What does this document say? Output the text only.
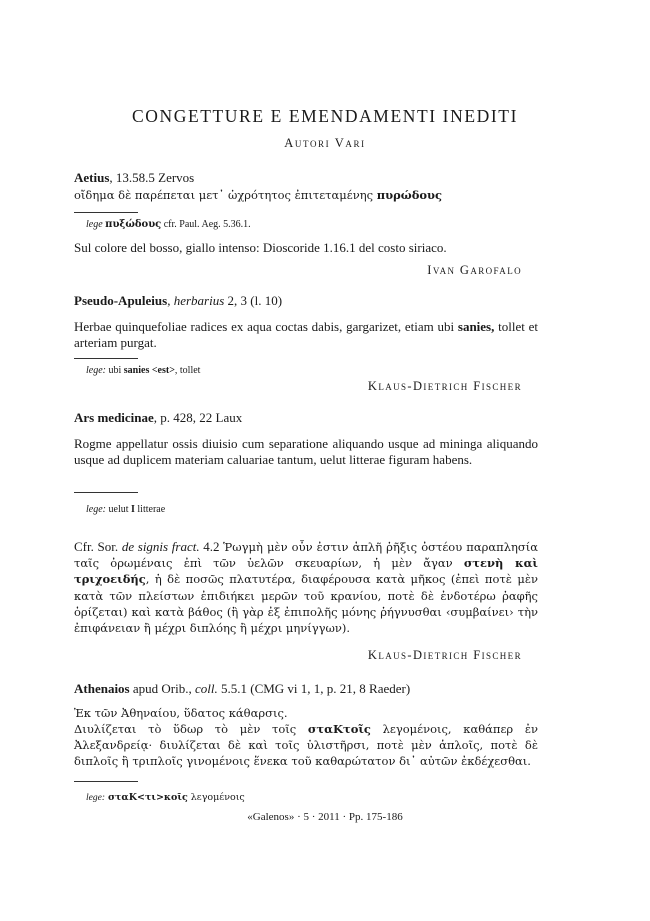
CONGETTURE E EMENDAMENTI INEDITI
Autori Vari
Aetius, 13.58.5 Zervos
οἴδημα δὲ παρέπεται μετ᾽ ὠχρότητος ἐπιτεταμένης πυρώδους
lege πυξώδους cfr. Paul. Aeg. 5.36.1.
Sul colore del bosso, giallo intenso: Dioscoride 1.16.1 del costo siriaco.
Ivan Garofalo
Pseudo-Apuleius, herbarius 2, 3 (l. 10)
Herbae quinquefoliae radices ex aqua coctas dabis, gargarizet, etiam ubi sanies, tollet et arteriam purgat.
lege: ubi sanies <est>, tollet
Klaus-Dietrich Fischer
Ars medicinae, p. 428, 22 Laux
Rogme appellatur ossis diuisio cum separatione aliquando usque ad mininga aliquando usque ad duplicem materiam caluariae tantum, uelut litterae figuram habens.
lege: uelut I litterae
Cfr. Sor. de signis fract. 4.2 Ῥωγμὴ μὲν οὖν ἐστιν ἁπλῆ ῥῆξις ὀστέου παραπλησία ταῖς ὀρωμέναις ἐπὶ τῶν ὑελῶν σκευαρίων, ἡ μὲν ἄγαν στενὴ καὶ τριχοειδής, ἡ δὲ ποσῶς πλατυτέρα, διαφέρουσα κατὰ μῆκος (ἐπεὶ ποτὲ μὲν κατὰ τῶν πλείστων ἐπιδιήκει μερῶν τοῦ κρανίου, ποτὲ δὲ ἐνδοτέρω ῥαφῆς ὁρίζεται) καὶ κατὰ βάθος (ἢ γὰρ ἐξ ἐπιπολῆς μόνης ῥήγνυσθαι ‹συμβαίνει› τὴν ἐπιφάνειαν ἢ μέχρι διπλόης ἢ μέχρι μηνίγγων).
Klaus-Dietrich Fischer
Athenaios apud Orib., coll. 5.5.1 (CMG vi 1, 1, p. 21, 8 Raeder)
Ἐκ τῶν Ἀθηναίου, ὕδατος κάθαρσις.
Διυλίζεται τὸ ὕδωρ τὸ μὲν τοῖς σταKτοῖς λεγομένοις, καθάπερ ἐν Ἀλεξανδρείᾳ· διυλίζεται δὲ καὶ τοῖς ὑλιστῆρσι, ποτὲ μὲν ἁπλοῖς, ποτὲ δὲ διπλοῖς ἢ τριπλοῖς γινομένοις ἕνεκα τοῦ καθαρώτατον δι᾽ αὐτῶν ἐκδέχεσθαι.
lege: σταK<τι>κοῖς λεγομένοις
«Galenos» · 5 · 2011 · Pp. 175-186
